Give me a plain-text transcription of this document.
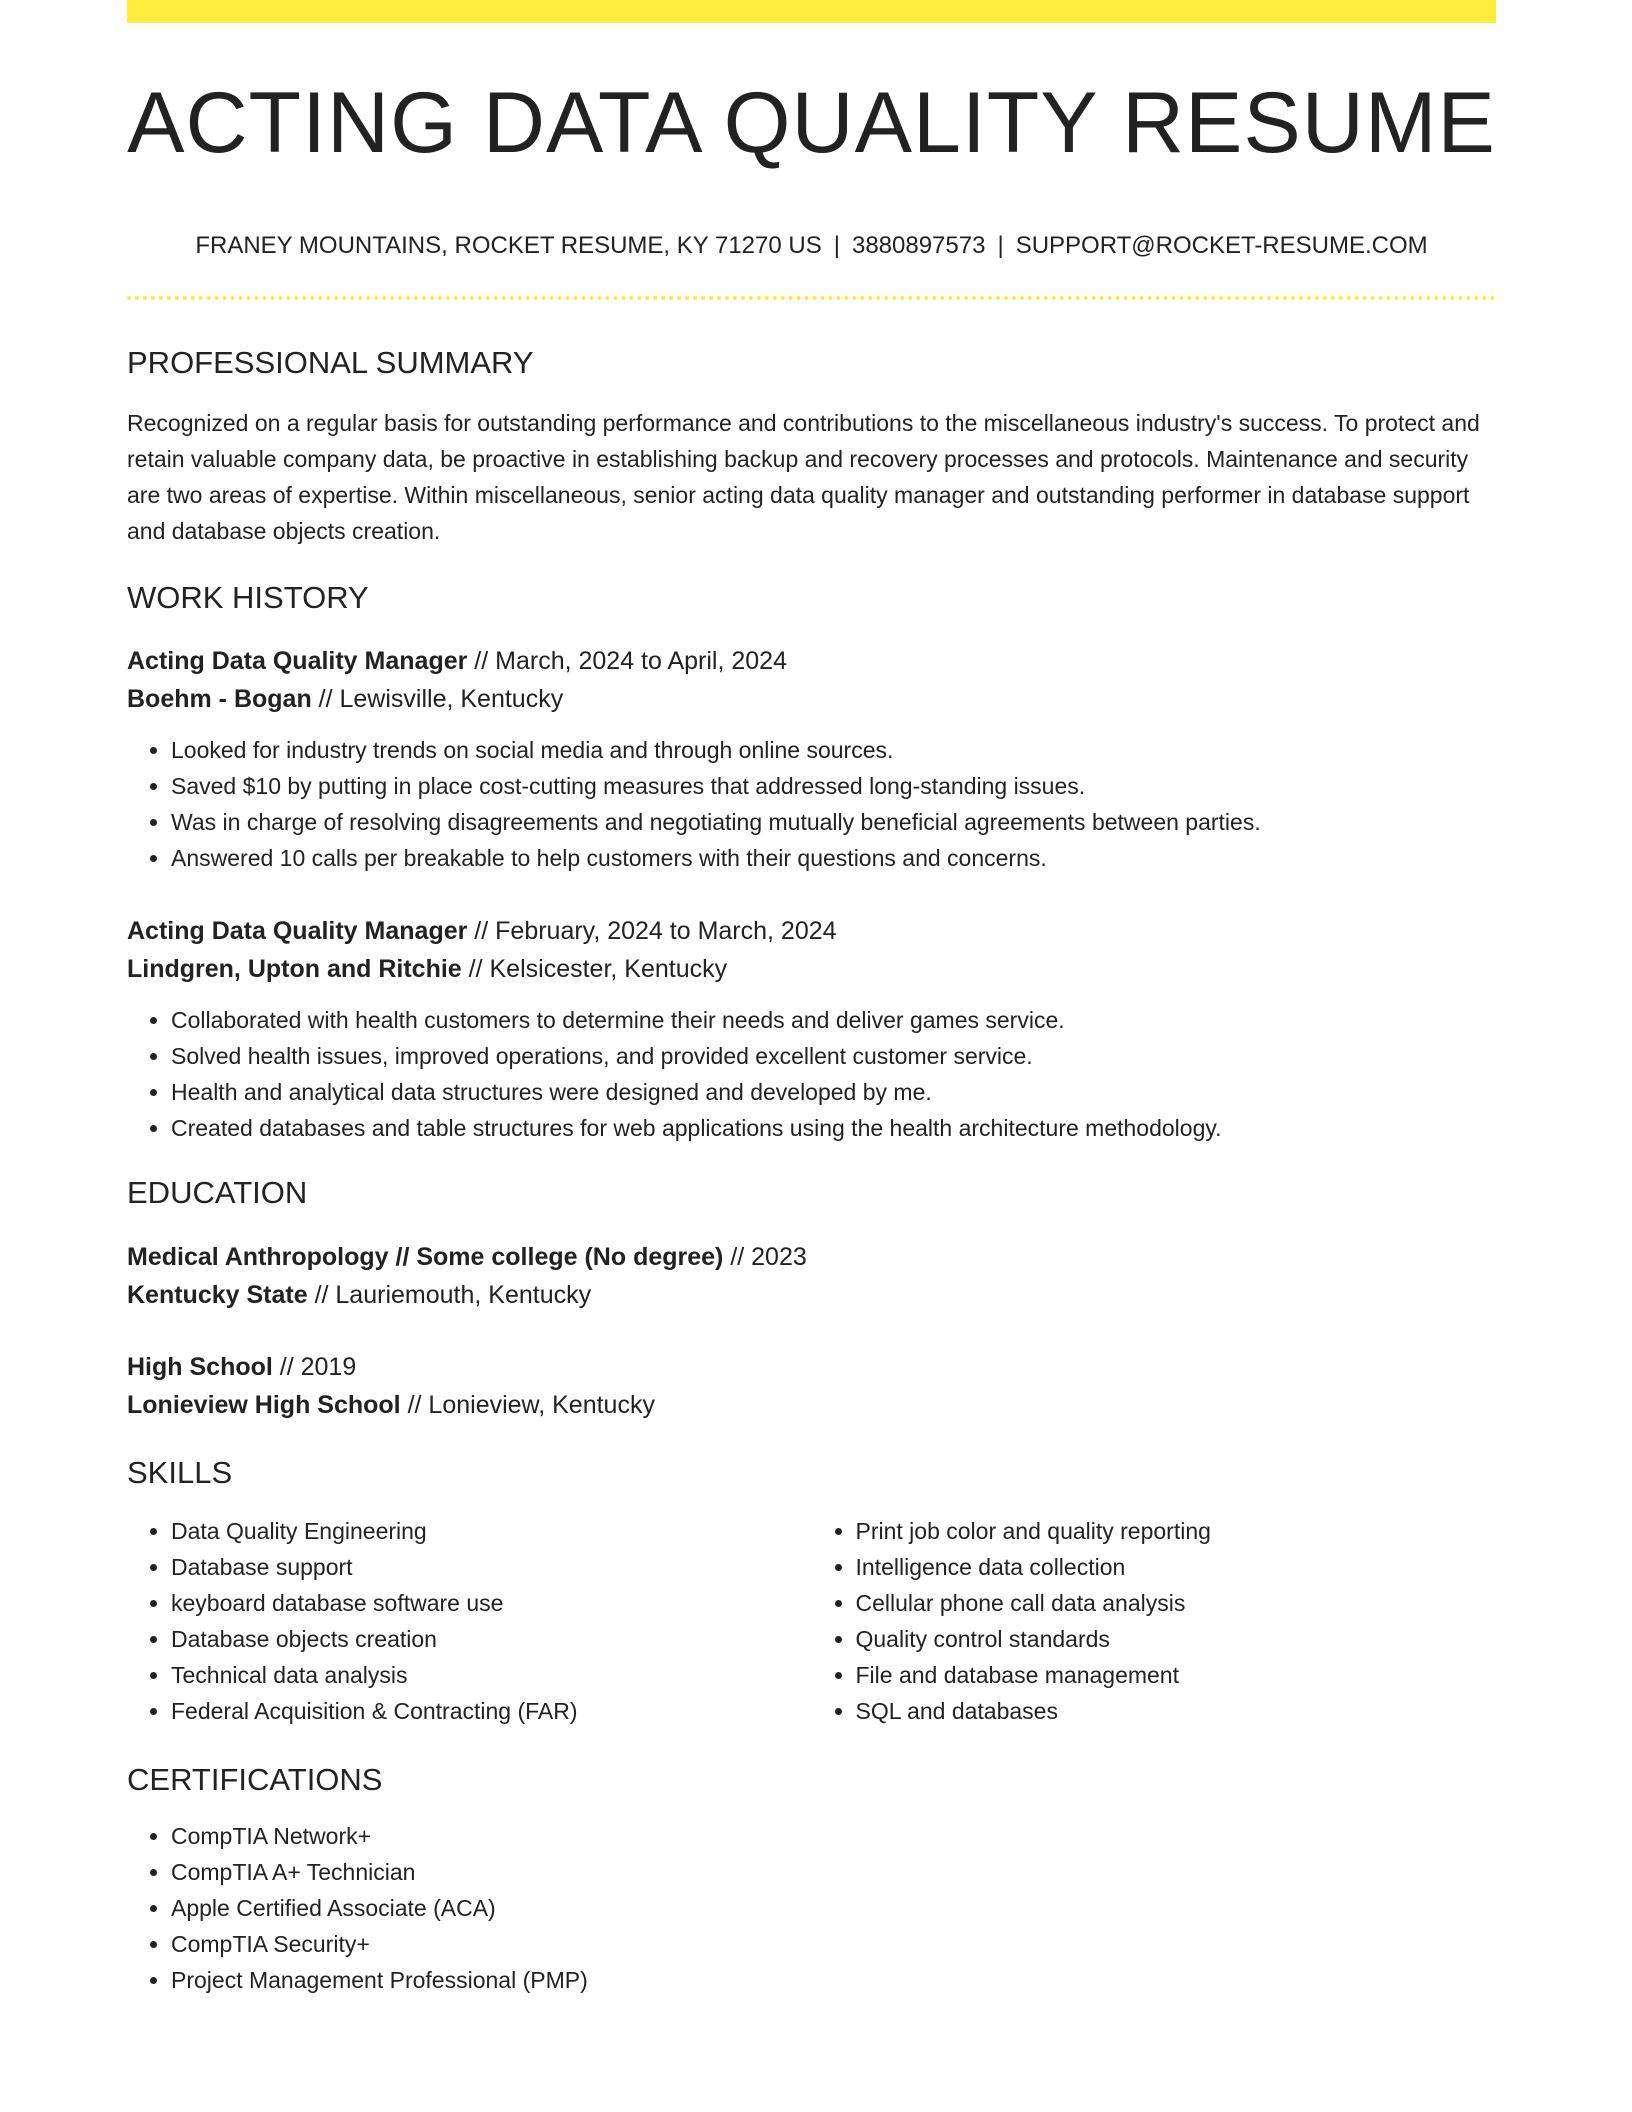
ACTING DATA QUALITY RESUME
FRANEY MOUNTAINS, ROCKET RESUME, KY 71270 US | 3880897573 | SUPPORT@ROCKET-RESUME.COM
PROFESSIONAL SUMMARY

Recognized on a regular basis for outstanding performance and contributions to the miscellaneous industry's success. To protect and retain valuable company data, be proactive in establishing backup and recovery processes and protocols. Maintenance and security are two areas of expertise. Within miscellaneous, senior acting data quality manager and outstanding performer in database support and database objects creation.

WORK HISTORY
Acting Data Quality Manager // March, 2024 to April, 2024
Boehm - Bogan // Lewisville, Kentucky
• Looked for industry trends on social media and through online sources.
• Saved $10 by putting in place cost-cutting measures that addressed long-standing issues.
• Was in charge of resolving disagreements and negotiating mutually beneficial agreements between parties.
• Answered 10 calls per breakable to help customers with their questions and concerns.
Acting Data Quality Manager // February, 2024 to March, 2024
Lindgren, Upton and Ritchie // Kelsicester, Kentucky
• Collaborated with health customers to determine their needs and deliver games service.
• Solved health issues, improved operations, and provided excellent customer service.
• Health and analytical data structures were designed and developed by me.
• Created databases and table structures for web applications using the health architecture methodology.
EDUCATION
Medical Anthropology // Some college (No degree) // 2023
Kentucky State // Lauriemouth, Kentucky
High School // 2019
Lonieview High School // Lonieview, Kentucky
SKILLS
• Data Quality Engineering
• Database support
• keyboard database software use
• Database objects creation
• Technical data analysis
• Federal Acquisition & Contracting (FAR)
• Print job color and quality reporting
• Intelligence data collection
• Cellular phone call data analysis
• Quality control standards
• File and database management
• SQL and databases
CERTIFICATIONS
• CompTIA Network+
• CompTIA A+ Technician
• Apple Certified Associate (ACA)
• CompTIA Security+
• Project Management Professional (PMP)
